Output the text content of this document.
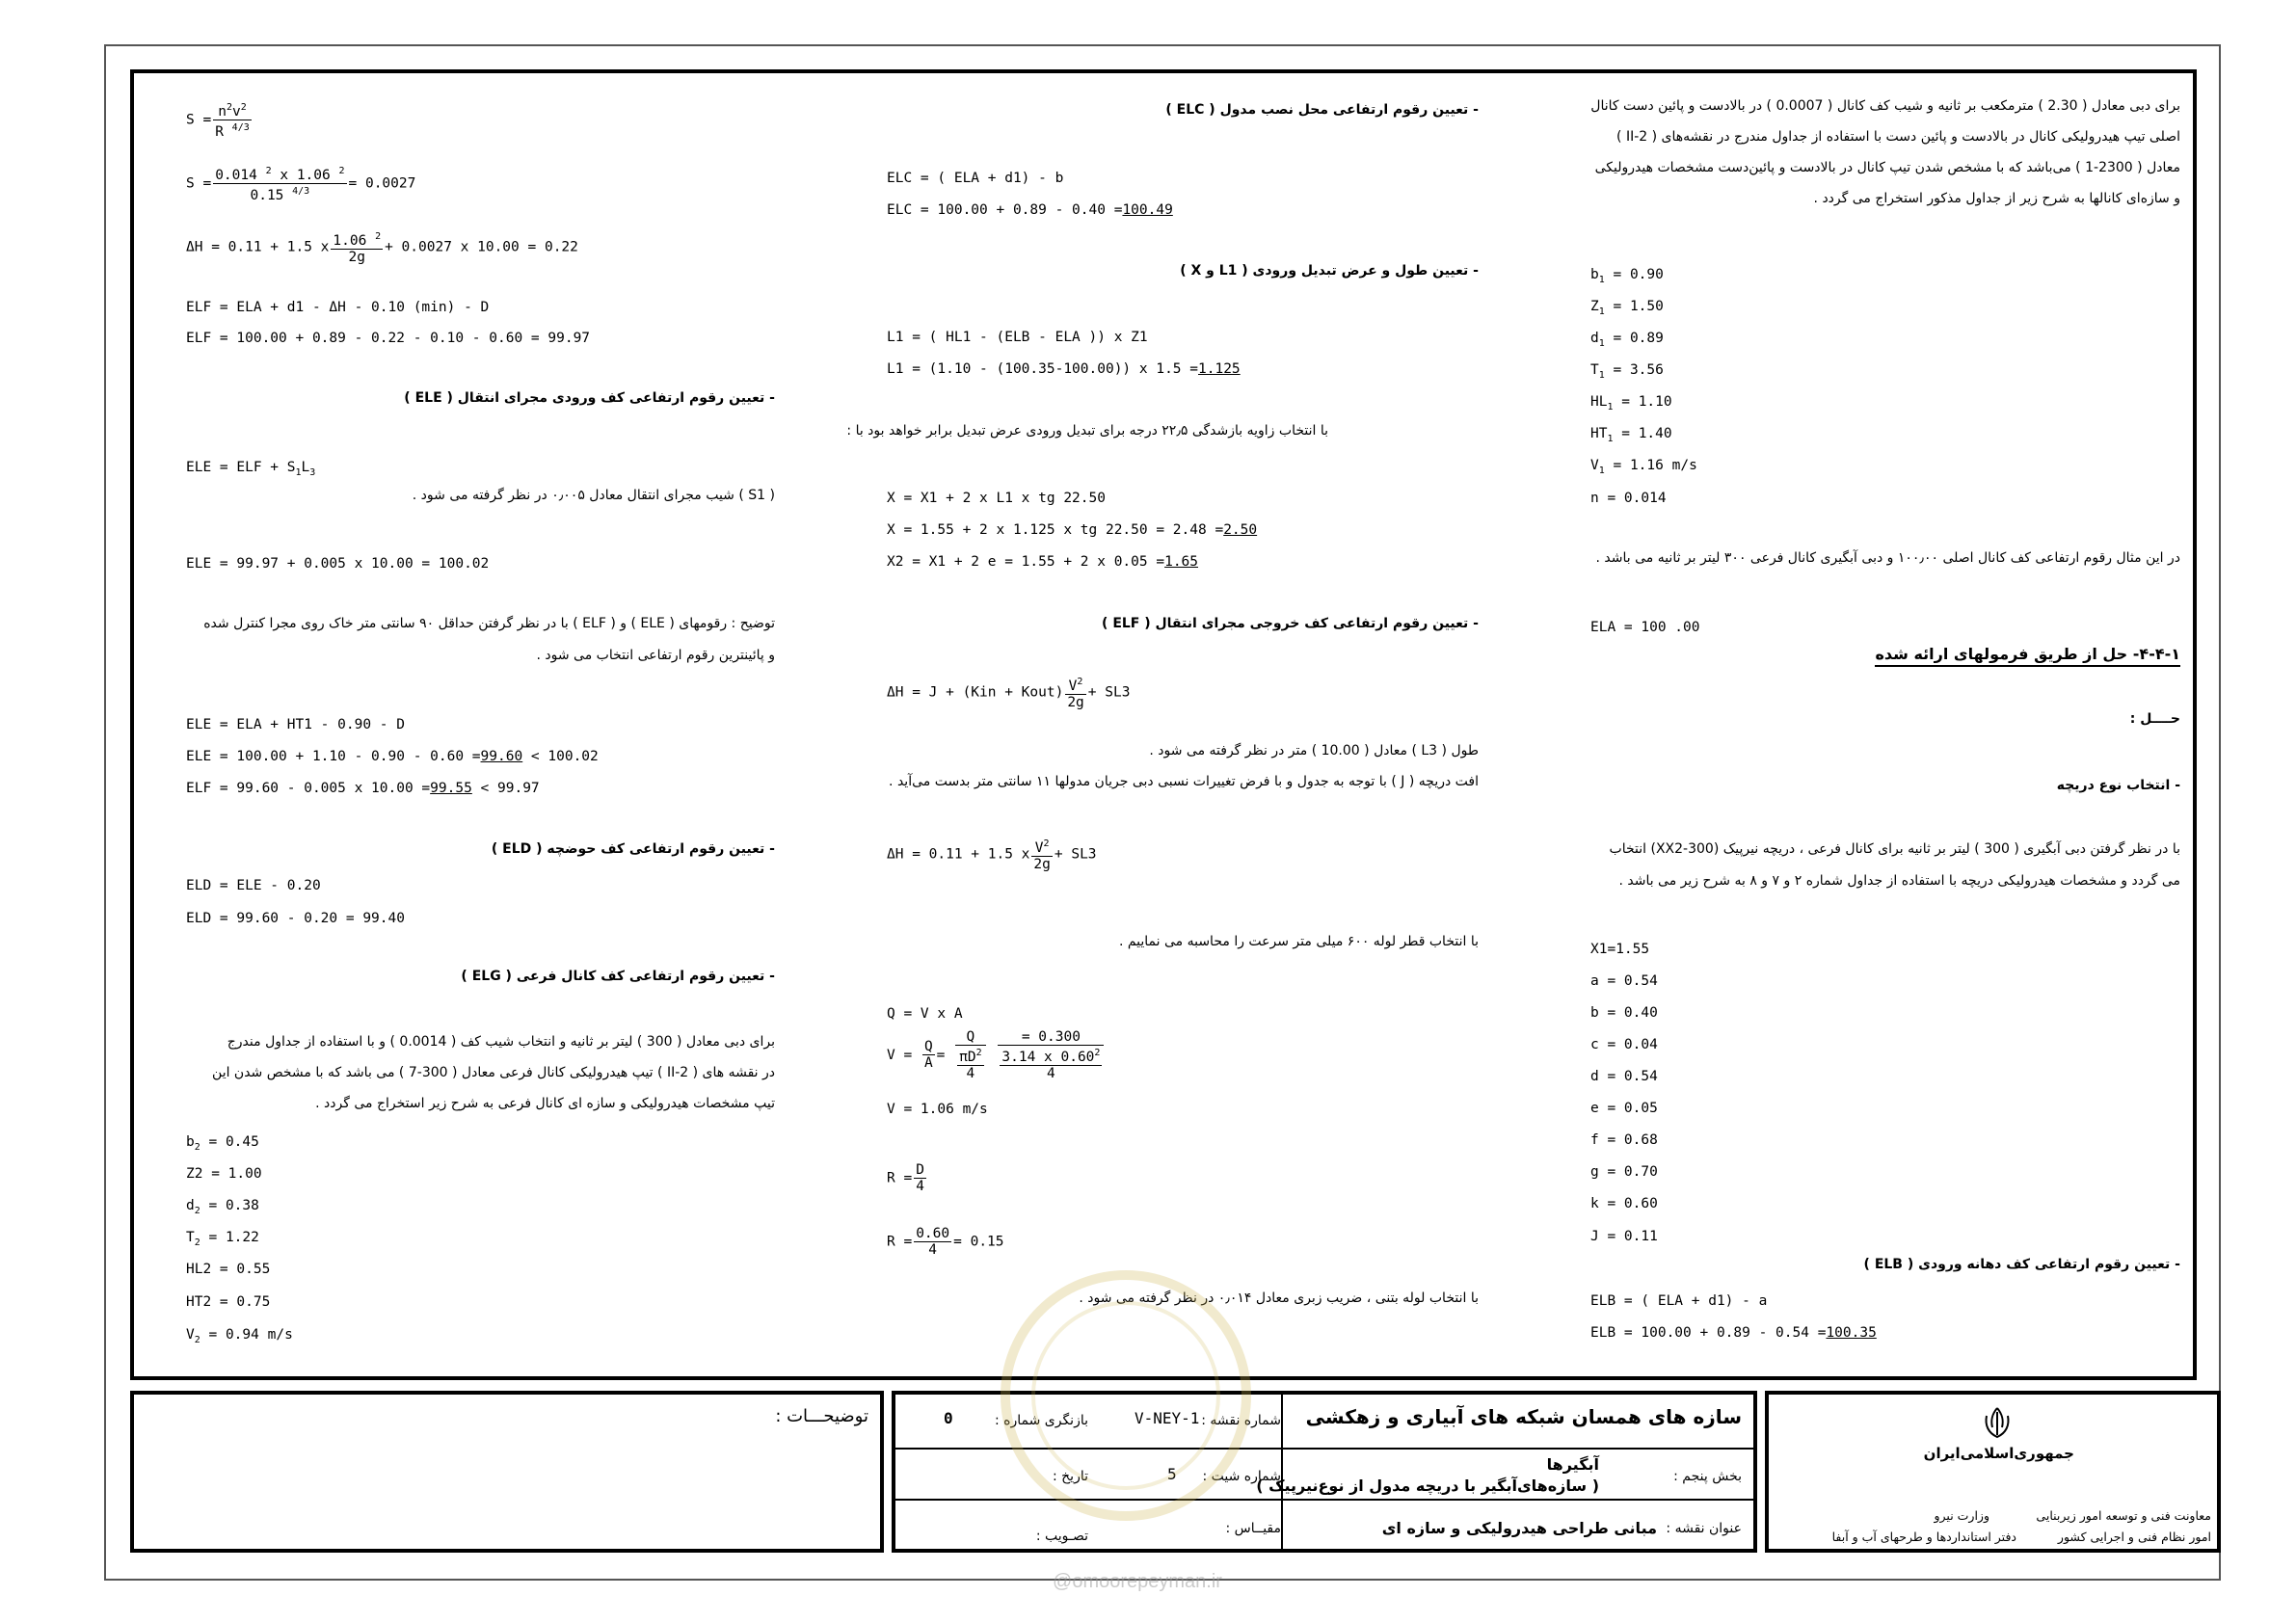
برای دبی معادل ( 2.30 ) مترمکعب بر ثانیه و شیب کف کانال ( 0.0007 ) در بالادست و پائین دست کانال
اصلی تیپ هیدرولیکی کانال در بالادست و پائین دست با استفاده از جداول مندرج در نقشه‌های ( II-2 )
معادل ( 2300-1 ) می‌باشد که با مشخص شدن تیپ کانال در بالادست و پائین‌دست مشخصات هیدرولیکی
و سازه‌ای کانالها به شرح زیر از جداول مذکور استخراج می گردد .
$b_1 = 0.90$
$Z_1 = 1.50$
$d_1 = 0.89$
$T_1 = 3.56$
$HL_1 = 1.10$
$HT_1 = 1.40$
$V_1 = 1.16$ m/s
n = 0.014
در این مثال رقوم ارتفاعی کف کانال اصلی ۱۰۰٫۰۰ و دبی آبگیری کانال فرعی ۳۰۰ لیتر بر ثانیه می باشد .
ELA = 100 .00
۴-۴-۱- حل از طریق فرمولهای ارائه شده
حــــل :
- انتخاب نوع دریچه
با در نظر گرفتن دبی آبگیری ( 300 ) لیتر بر ثانیه برای کانال فرعی ، دریچه نیرپیک (XX2-300) انتخاب
می گردد و مشخصات هیدرولیکی دریچه با استفاده از جداول شماره ۲ و ۷ و ۸ به شرح زیر می باشد .
X1=1.55
a = 0.54
b = 0.40
c = 0.04
d = 0.54
e = 0.05
f = 0.68
g = 0.70
k = 0.60
J = 0.11
- تعیین رقوم ارتفاعی کف دهانه ورودی ( ELB )
ELB = ( ELA + d1) - a
ELB = 100.00 + 0.89 - 0.54 =100.35
- تعیین رقوم ارتفاعی محل نصب مدول ( ELC )
ELC = ( ELA + d1) - b
ELC = 100.00 + 0.89 - 0.40 =100.49
- تعیین طول و عرض تبدیل ورودی ( L1 و X )
L1 = ( HL1 - (ELB - ELA )) x Z1
L1 = (1.10 - (100.35-100.00)) x 1.5 =1.125
با انتخاب زاویه بازشدگی ۲۲٫۵ درجه برای تبدیل ورودی عرض تبدیل برابر خواهد بود با :
X = X1 + 2 x L1 x tg 22.50
X = 1.55 + 2 x 1.125 x tg 22.50 = 2.48 =2.50
X2 = X1 + 2 e = 1.55 + 2 x 0.05 =1.65
- تعیین رقوم ارتفاعی کف خروجی مجرای انتقال ( ELF )
ΔH = J + (Kin + Kout) $\frac{V^2}{2g} + SL3$
طول ( L3 ) معادل ( 10.00 ) متر در نظر گرفته می شود .
افت دریچه ( J ) با توجه به جدول و با فرض تغییرات نسبی دبی جریان مدولها ۱۱ سانتی متر بدست می‌آید .
ΔH = 0.11 + 1.5 x $\frac{V^2}{2g} + SL3$
با انتخاب قطر لوله ۶۰۰ میلی متر سرعت را محاسبه می نماییم .
Q = V x A
$V = \frac{Q}{A} = \frac{Q}{\frac{\pi D^2}{4}}$
$\frac{= 0.300}{\frac{3.14 x 0.60^2}{4}}$
V = 1.06 m/s
$R = \frac{D}{4}$
$R = \frac{0.60}{4} = 0.15$
با انتخاب لوله بتنی ، ضریب زبری معادل ۰٫۰۱۴ در نظر گرفته می شود .
$S = \frac{n^2v^2}{R ^{4/3}}$
$S = \frac{0.014 ^2 x 1.06 ^2}{0.15 ^{4/3}} = 0.0027$
ΔH = 0.11 + 1.5 x $\frac{1.06 ^2}{2g} + 0.0027$ x 10.00 = 0.22
ELF = ELA + d1 - ΔH - 0.10 (min) - D
ELF = 100.00 + 0.89 - 0.22 - 0.10 - 0.60 = 99.97
- تعیین رقوم ارتفاعی کف ورودی مجرای انتقال ( ELE )
ELE = ELF + $S_1L_3$
( S1 ) شیب مجرای انتقال معادل ۰٫۰۰۵ در نظر گرفته می شود .
ELE = 99.97 + 0.005 x 10.00 = 100.02
توضیح : رقومهای ( ELE ) و ( ELF ) با در نظر گرفتن حداقل ۹۰ سانتی متر خاک روی مجرا کنترل شده
و پائینترین رقوم ارتفاعی انتخاب می شود .
ELE = ELA + HT1 - 0.90 - D
ELE = 100.00 + 1.10 - 0.90 - 0.60 =99.60 < 100.02
ELF = 99.60 - 0.005 x 10.00 =99.55 < 99.97
- تعیین رقوم ارتفاعی کف حوضچه ( ELD )
ELD = ELE - 0.20
ELD = 99.60 - 0.20 = 99.40
- تعیین رقوم ارتفاعی کف کانال فرعی ( ELG )
برای دبی معادل ( 300 ) لیتر بر ثانیه و انتخاب شیب کف ( 0.0014 ) و با استفاده از جداول مندرج
در نقشه های ( II-2 ) تیپ هیدرولیکی کانال فرعی معادل ( 300-7 ) می باشد که با مشخص شدن این
تیپ مشخصات هیدرولیکی و سازه ای کانال فرعی به شرح زیر استخراج می گردد .
$b_2 = 0.45$
Z2 = 1.00
$d_2 = 0.38$
$T_2 = 1.22$
HL2 = 0.55
HT2 = 0.75
$V_2 = 0.94$ m/s
توضیحـــات :	سازه های همسان شبکه های آبیاری و زهکشی
شماره نقشه :
V-NEY-1
بازنگری شماره :
0
بخش پنجم :
آبگیرها
( سازه‌های‌آبگیر با دریچه مدول از نوع‌نیرپیک )
شماره شیت :
5
تاریخ :
عنوان نقشه :
مبانی طراحی هیدرولیکی و سازه ای
مقیــاس :
تصـویب :
جمهوری‌اسلامی‌ایران
معاونت فنی و توسعه امور زیربنایی
وزارت نیرو
امور نظام فنی و اجرایی کشور
دفتر استانداردها و طرحهای آب و آبفا
@omoorepeyman.ir
